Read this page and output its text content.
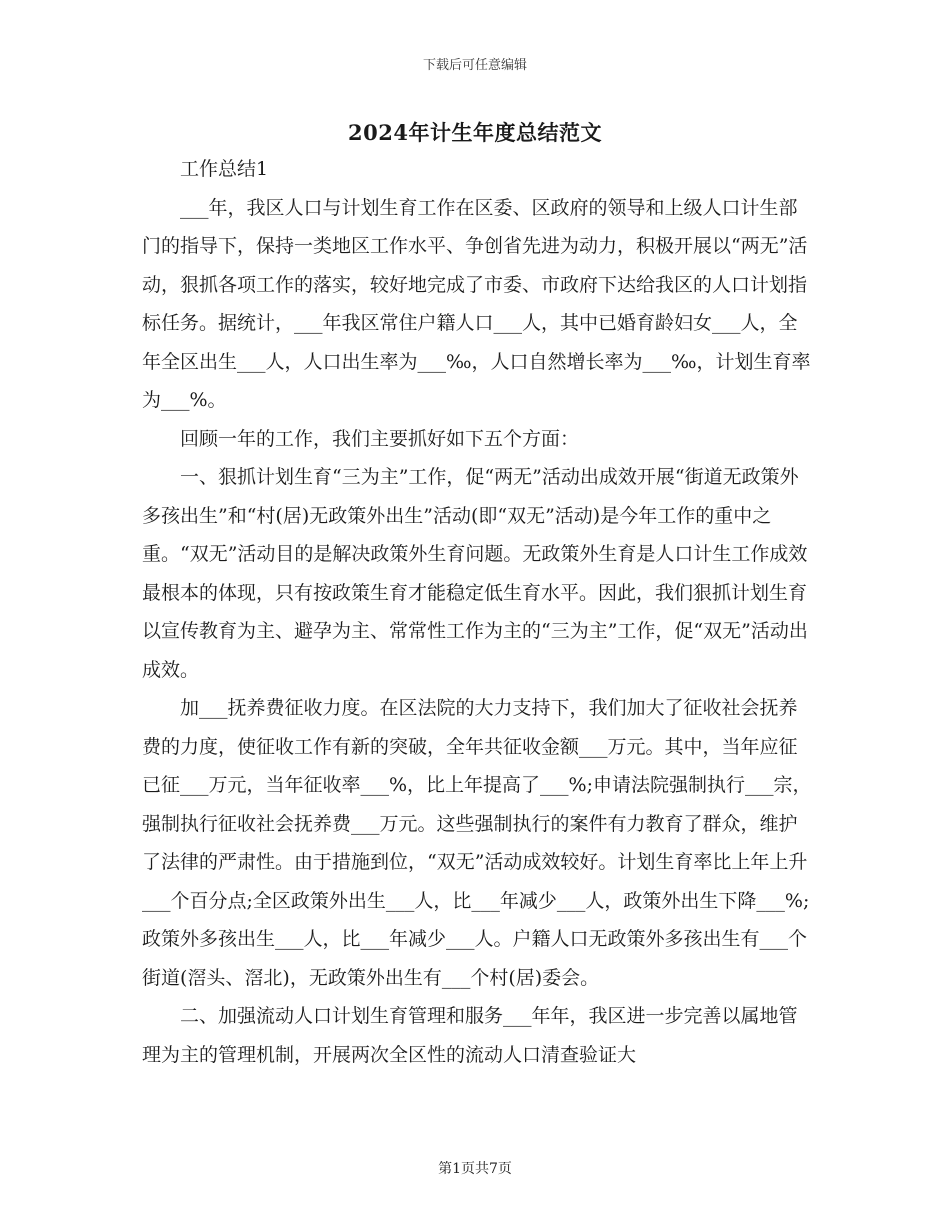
下载后可任意编辑
2024年计生年度总结范文

工作总结1

___年，我区人口与计划生育工作在区委、区政府的领导和上级人口计生部门的指导下，保持一类地区工作水平、争创省先进为动力，积极开展以“两无”活动，狠抓各项工作的落实，较好地完成了市委、市政府下达给我区的人口计划指标任务。据统计，___年我区常住户籍人口___人，其中已婚育龄妇女___人，全年全区出生___人，人口出生率为___‰，人口自然增长率为___‰，计划生育率为___%。

回顾一年的工作，我们主要抓好如下五个方面：

一、狠抓计划生育“三为主”工作，促“两无”活动出成效开展“街道无政策外多孩出生”和“村(居)无政策外出生”活动(即“双无”活动)是今年工作的重中之重。“双无”活动目的是解决政策外生育问题。无政策外生育是人口计生工作成效最根本的体现，只有按政策生育才能稳定低生育水平。因此，我们狠抓计划生育以宣传教育为主、避孕为主、常常性工作为主的“三为主”工作，促“双无”活动出成效。

加___抚养费征收力度。在区法院的大力支持下，我们加大了征收社会抚养费的力度，使征收工作有新的突破，全年共征收金额___万元。其中，当年应征已征___万元，当年征收率___%，比上年提高了___%;申请法院强制执行___宗，强制执行征收社会抚养费___万元。这些强制执行的案件有力教育了群众，维护了法律的严肃性。由于措施到位，“双无”活动成效较好。计划生育率比上年上升___个百分点;全区政策外出生___人，比___年减少___人，政策外出生下降___%;政策外多孩出生___人，比___年减少___人。户籍人口无政策外多孩出生有___个街道(滘头、滘北)，无政策外出生有___个村(居)委会。

二、加强流动人口计划生育管理和服务___年年，我区进一步完善以属地管理为主的管理机制，开展两次全区性的流动人口清查验证大

第1页共7页
